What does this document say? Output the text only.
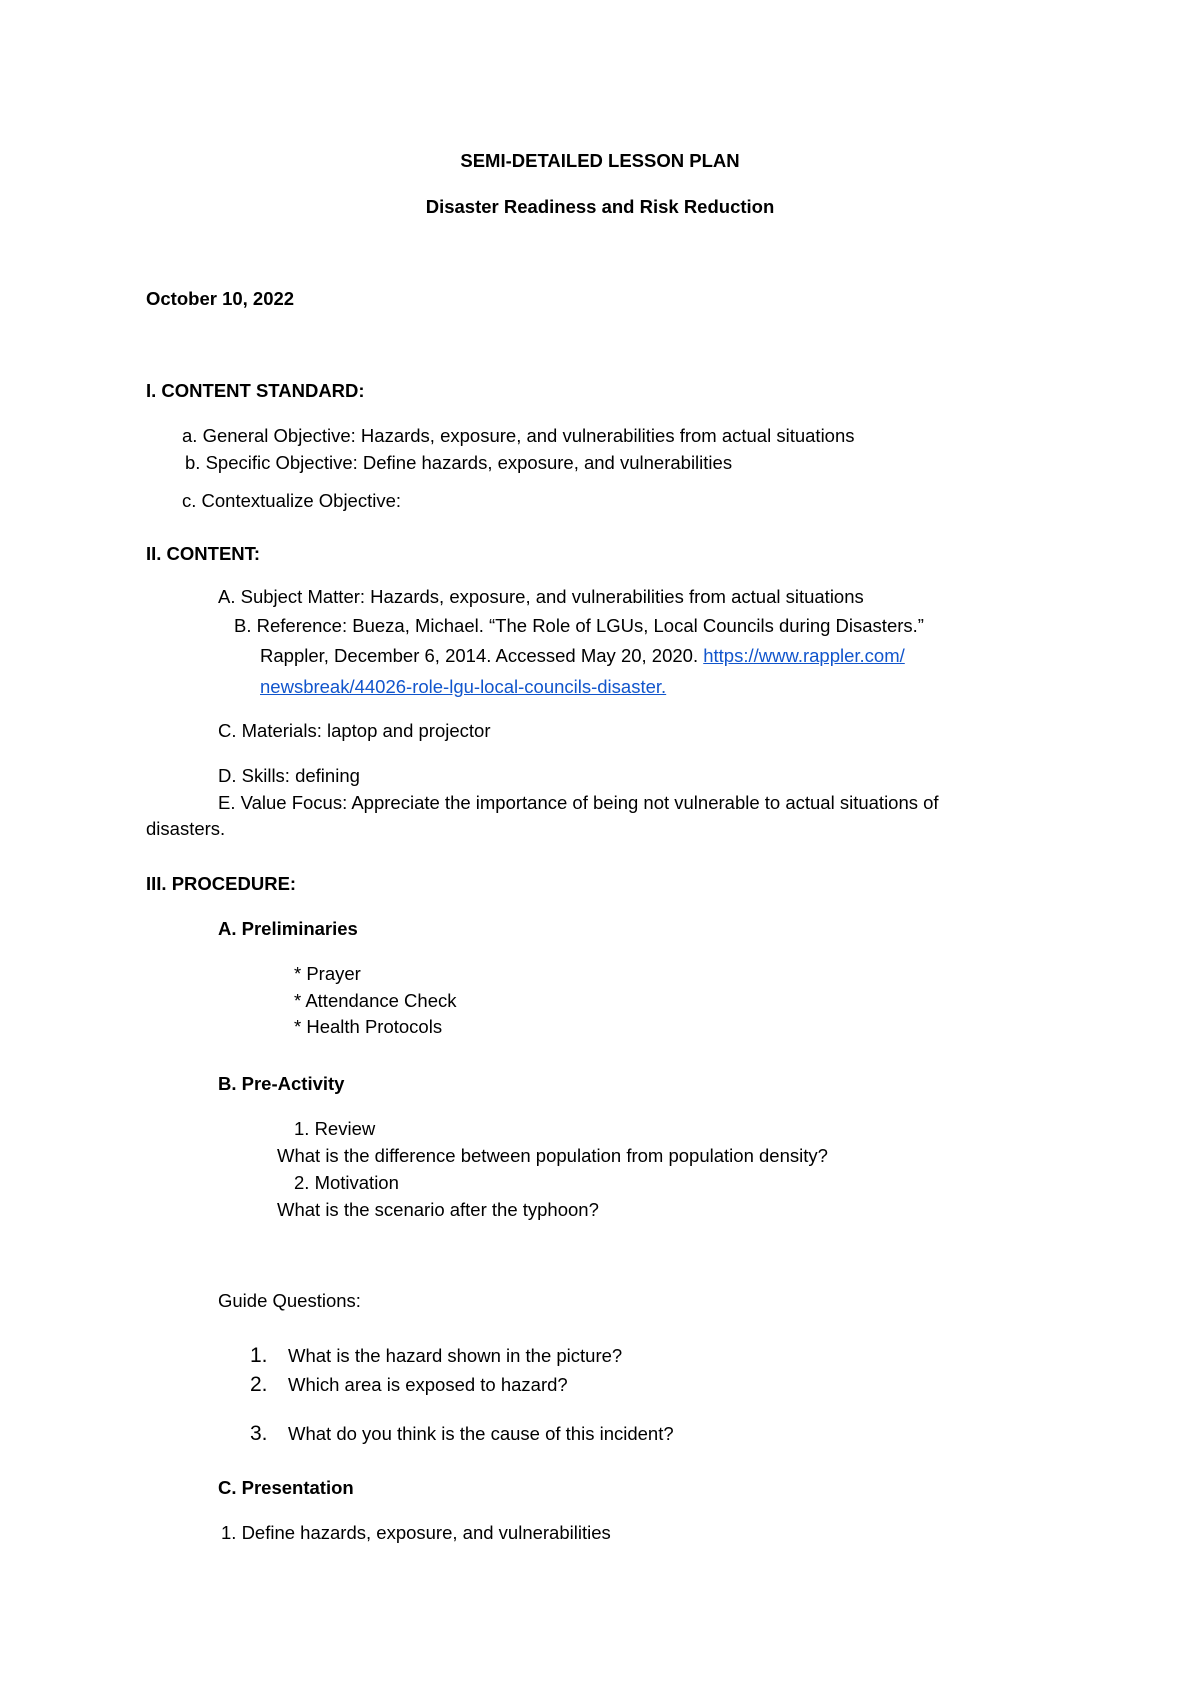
SEMI-DETAILED LESSON PLAN
Disaster Readiness and Risk Reduction
October 10, 2022
I. CONTENT STANDARD:
a. General Objective: Hazards, exposure, and vulnerabilities from actual situations
b. Specific Objective: Define hazards, exposure, and vulnerabilities
c. Contextualize Objective:
II. CONTENT:
A. Subject Matter: Hazards, exposure, and vulnerabilities from actual situations
B. Reference: Bueza, Michael. “The Role of LGUs, Local Councils during Disasters.”
Rappler, December 6, 2014. Accessed May 20, 2020. https://www.rappler.com/
newsbreak/44026-role-lgu-local-councils-disaster.
C. Materials: laptop and projector
D. Skills: defining
E. Value Focus: Appreciate the importance of being not vulnerable to actual situations of
disasters.
III. PROCEDURE:
A. Preliminaries
* Prayer
* Attendance Check
* Health Protocols
B. Pre-Activity
1. Review
What is the difference between population from population density?
2. Motivation
What is the scenario after the typhoon?
Guide Questions:
1. What is the hazard shown in the picture?
2. Which area is exposed to hazard?
3. What do you think is the cause of this incident?
C. Presentation
1. Define hazards, exposure, and vulnerabilities
